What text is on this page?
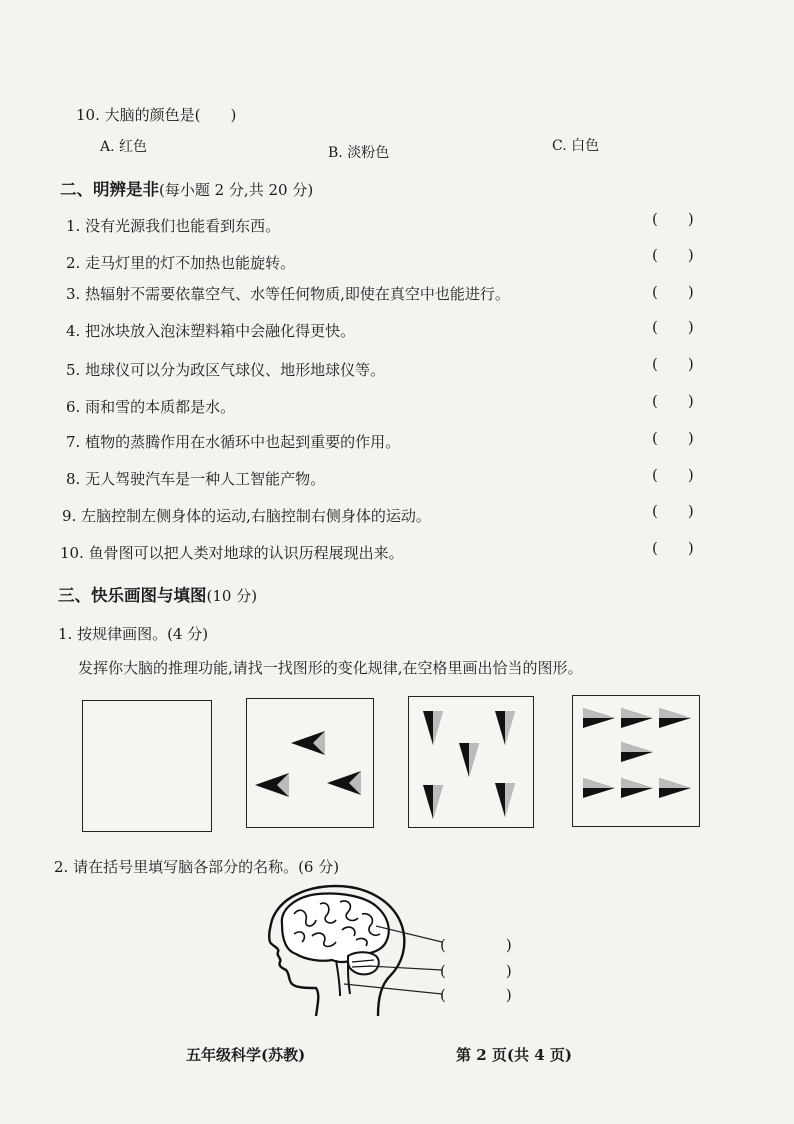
10. 大脑的颜色是(　　)
A. 红色	B. 淡粉色	C. 白色
二、明辨是非(每小题 2 分,共 20 分)
1. 没有光源我们也能看到东西。	(　　)
2. 走马灯里的灯不加热也能旋转。	(　　)
3. 热辐射不需要依靠空气、水等任何物质,即使在真空中也能进行。	(　　)
4. 把冰块放入泡沫塑料箱中会融化得更快。	(　　)
5. 地球仪可以分为政区气球仪、地形地球仪等。	(　　)
6. 雨和雪的本质都是水。	(　　)
7. 植物的蒸腾作用在水循环中也起到重要的作用。	(　　)
8. 无人驾驶汽车是一种人工智能产物。	(　　)
9. 左脑控制左侧身体的运动,右脑控制右侧身体的运动。	(　　)
10. 鱼骨图可以把人类对地球的认识历程展现出来。	(　　)
三、快乐画图与填图(10 分)
1. 按规律画图。(4 分)
发挥你大脑的推理功能,请找一找图形的变化规律,在空格里画出恰当的图形。
2. 请在括号里填写脑各部分的名称。(6 分)
(　　　　)
(　　　　)
(　　　　)
五年级科学(苏教)	第 2 页(共 4 页)
